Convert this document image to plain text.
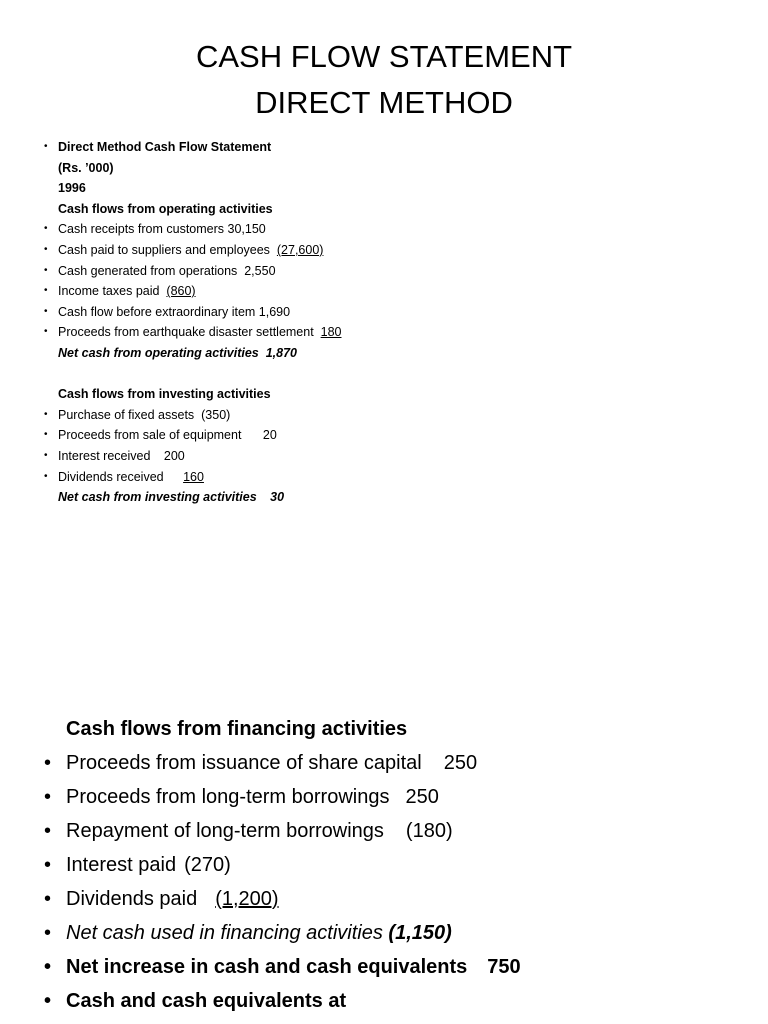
CASH FLOW STATEMENT
DIRECT METHOD
• Direct Method Cash Flow Statement
(Rs. ’000)
1996
Cash flows from operating activities
• Cash receipts from customers 30,150
• Cash paid to suppliers and employees (27,600)
• Cash generated from operations 2,550
• Income taxes paid (860)
• Cash flow before extraordinary item 1,690
• Proceeds from earthquake disaster settlement 180
Net cash from operating activities 1,870
Cash flows from investing activities
• Purchase of fixed assets (350)
• Proceeds from sale of equipment 20
• Interest received 200
• Dividends received 160
Net cash from investing activities 30
Cash flows from financing activities
• Proceeds from issuance of share capital 250
• Proceeds from long-term borrowings 250
• Repayment of long-term borrowings (180)
• Interest paid (270)
• Dividends paid (1,200)
• Net cash used in financing activities (1,150)
• Net increase in cash and cash equivalents 750
• Cash and cash equivalents at
